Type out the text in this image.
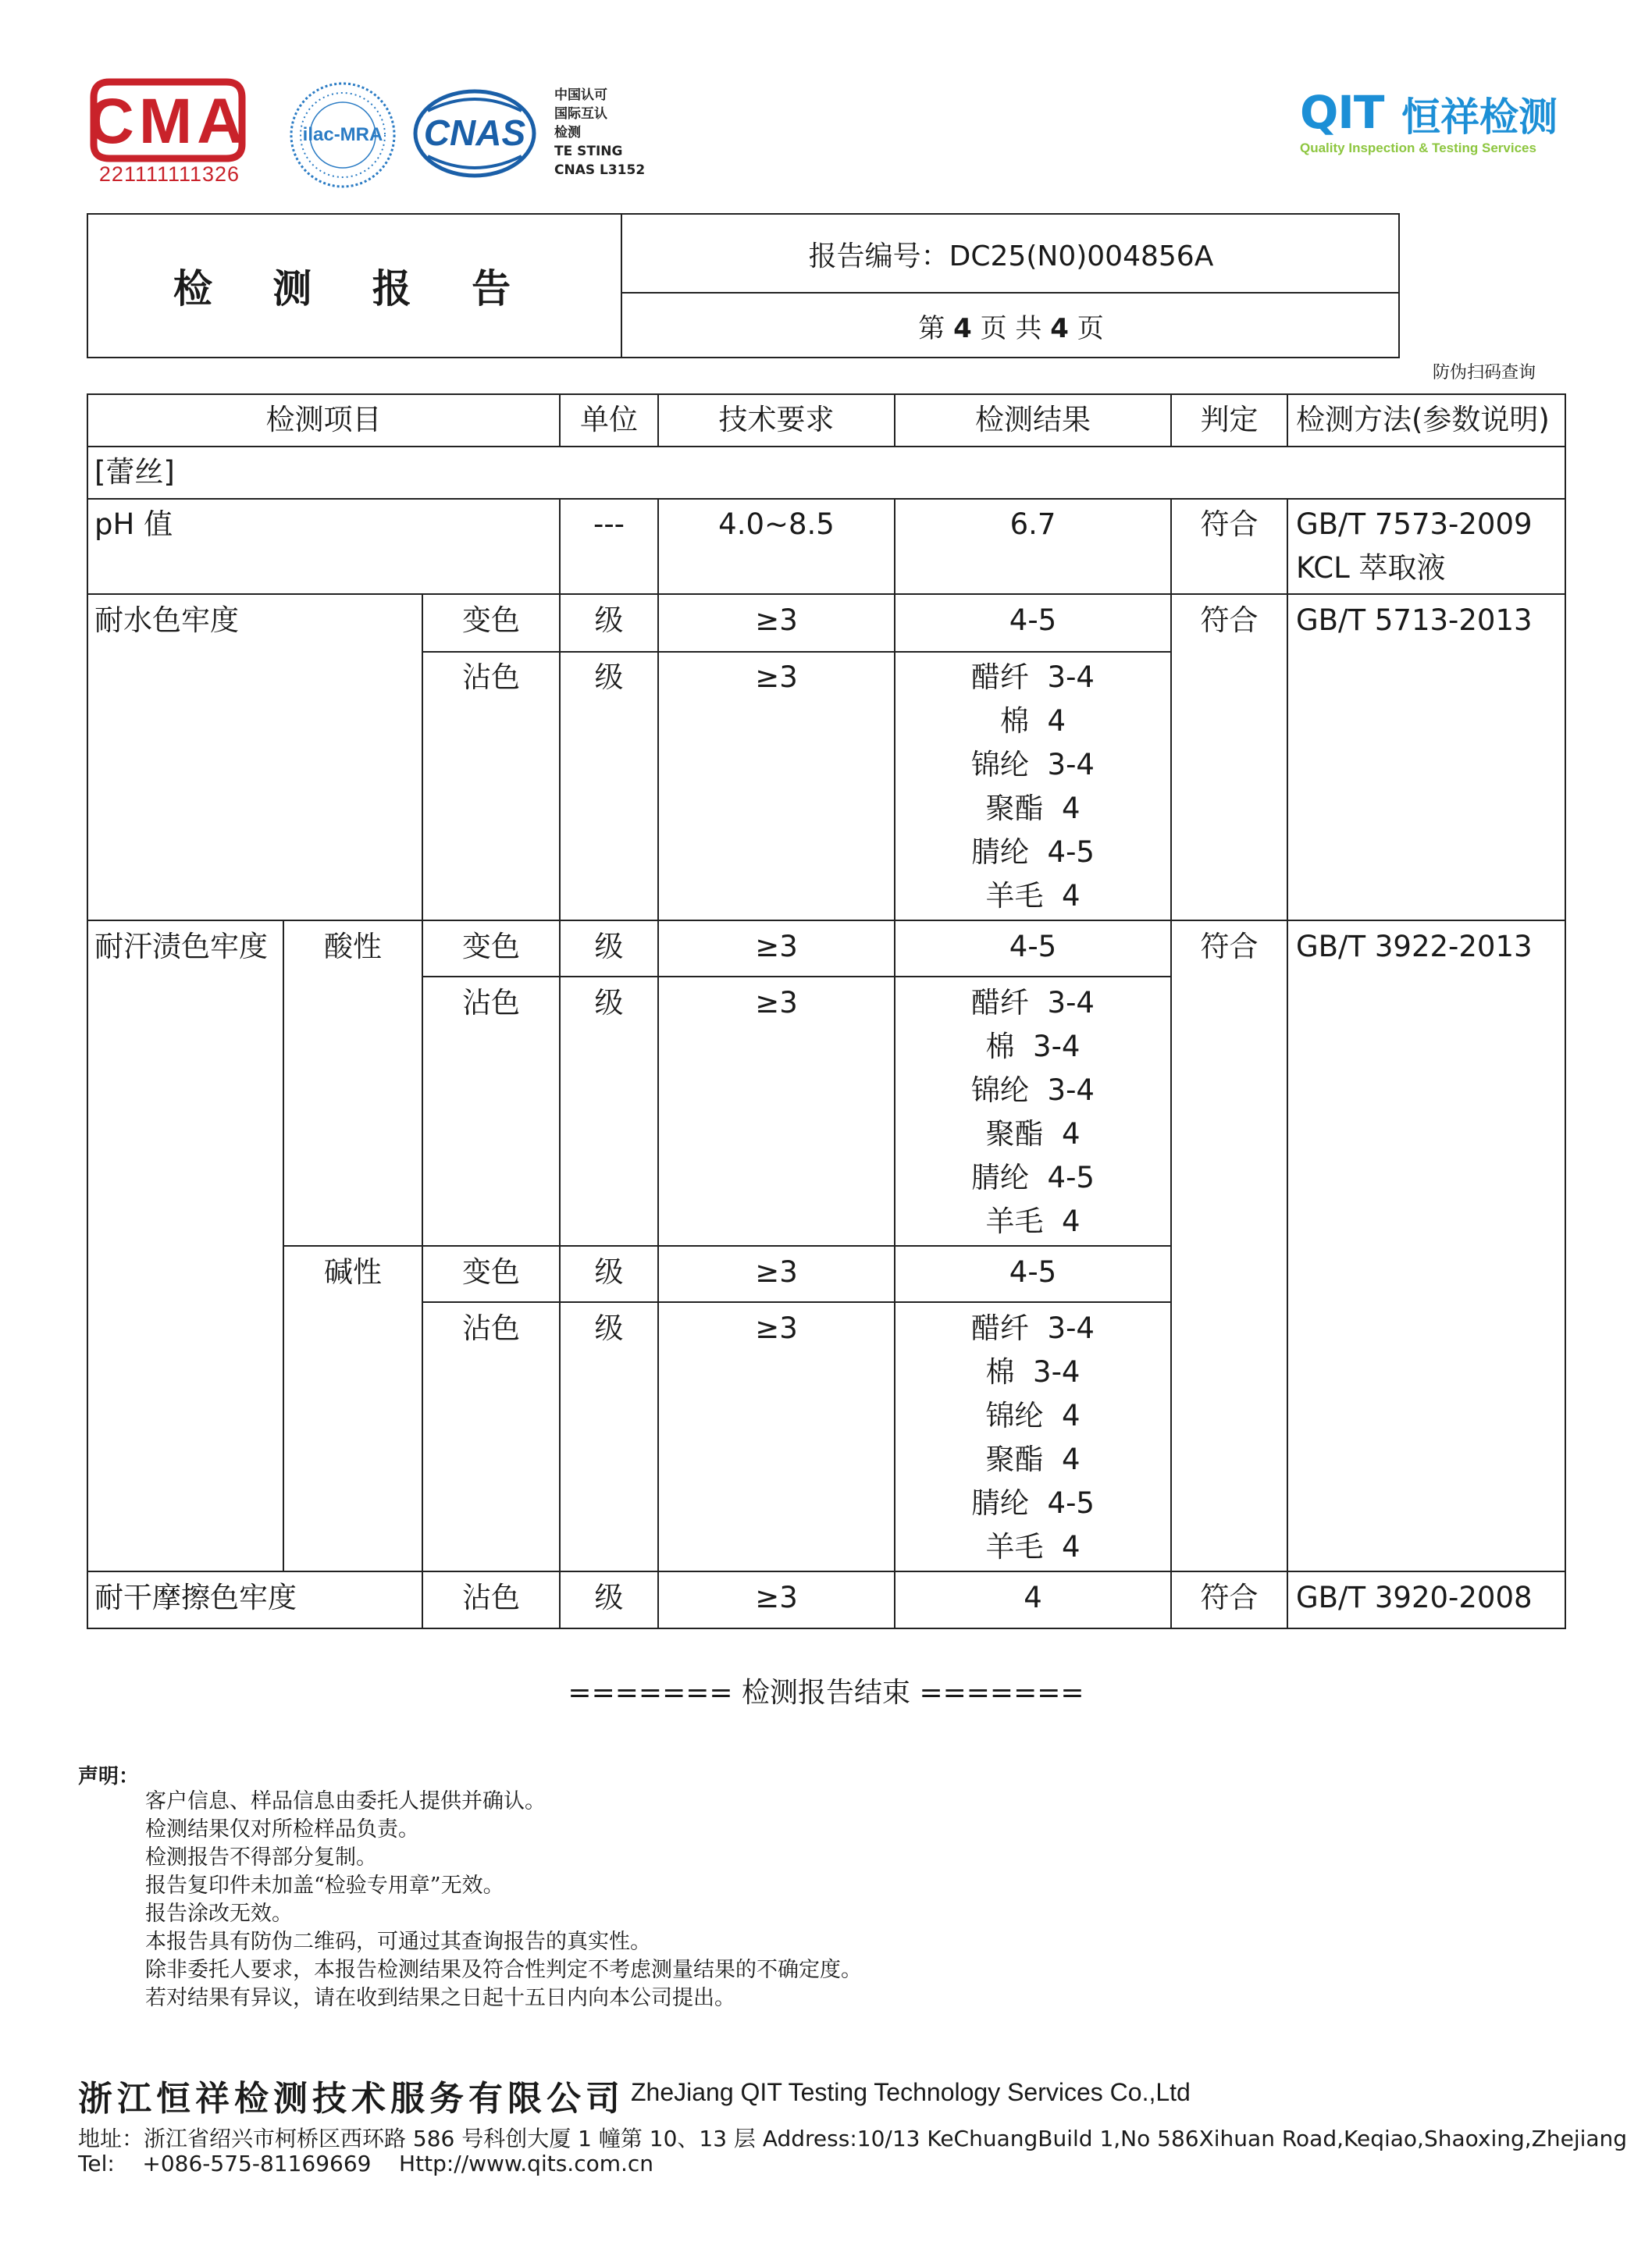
CMA
221111111326
ilac-MRA CNAS
中国认可
国际互认
检测
TE STING
CNAS L3152
QIT 恒祥检测
Quality Inspection & Testing Services
检 测 报 告
报告编号：DC25(N0)004856A
第 4 页 共 4 页
防伪扫码查询
检测项目	单位	技术要求	检测结果	判定	检测方法(参数说明)
[蕾丝]
pH 值	---	4.0~8.5	6.7	符合	GB/T 7573-2009
KCL 萃取液
耐水色牢度	变色	级	≥3	4-5	符合	GB/T 5713-2013
沾色	级	≥3	醋纤  3-4
棉  4
锦纶  3-4
聚酯  4
腈纶  4-5
羊毛  4
耐汗渍色牢度	酸性	变色	级	≥3	4-5	符合	GB/T 3922-2013
沾色	级	≥3	醋纤  3-4
棉  3-4
锦纶  3-4
聚酯  4
腈纶  4-5
羊毛  4
碱性	变色	级	≥3	4-5
沾色	级	≥3	醋纤  3-4
棉  3-4
锦纶  4
聚酯  4
腈纶  4-5
羊毛  4
耐干摩擦色牢度	沾色	级	≥3	4	符合	GB/T 3920-2008
======= 检测报告结束 =======
声明：
客户信息、样品信息由委托人提供并确认。
检测结果仅对所检样品负责。
检测报告不得部分复制。
报告复印件未加盖“检验专用章”无效。
报告涂改无效。
本报告具有防伪二维码，可通过其查询报告的真实性。
除非委托人要求，本报告检测结果及符合性判定不考虑测量结果的不确定度。
若对结果有异议，请在收到结果之日起十五日内向本公司提出。
浙江恒祥检测技术服务有限公司 ZheJiang QIT Testing Technology Services Co.,Ltd
地址：浙江省绍兴市柯桥区西环路 586 号科创大厦 1 幢第 10、13 层 Address:10/13 KeChuangBuild 1,No 586Xihuan Road,Keqiao,Shaoxing,Zhejiang
Tel:    +086-575-81169669    Http://www.qits.com.cn
